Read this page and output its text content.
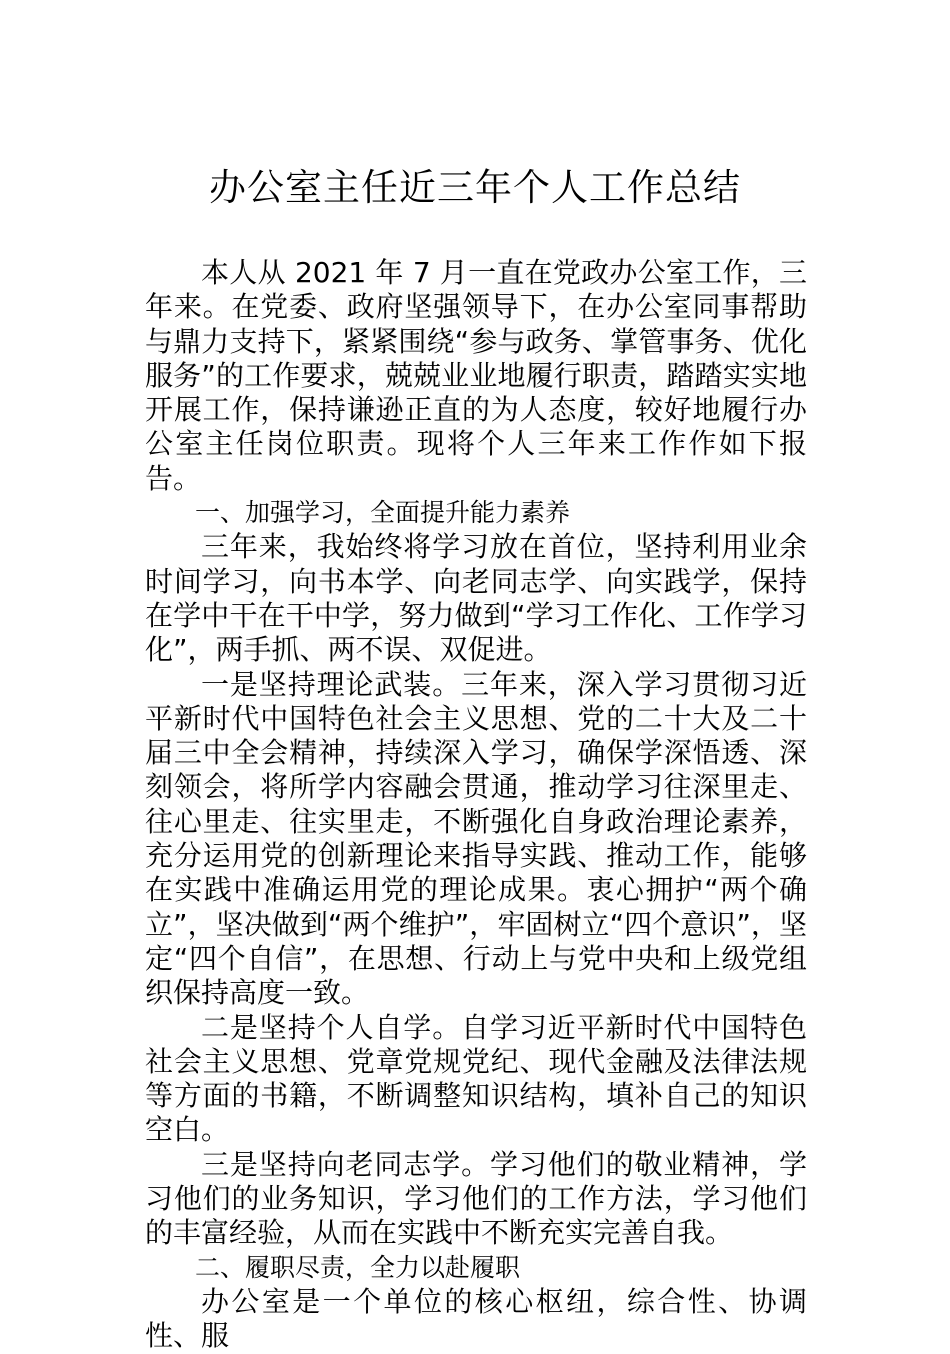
办公室主任近三年个人工作总结

本人从 2021 年 7 月一直在党政办公室工作，三年来。在党委、政府坚强领导下，在办公室同事帮助与鼎力支持下，紧紧围绕“参与政务、掌管事务、优化服务”的工作要求，兢兢业业地履行职责，踏踏实实地开展工作，保持谦逊正直的为人态度，较好地履行办公室主任岗位职责。现将个人三年来工作作如下报告。

一、加强学习，全面提升能力素养

三年来，我始终将学习放在首位，坚持利用业余时间学习，向书本学、向老同志学、向实践学，保持在学中干在干中学，努力做到“学习工作化、工作学习化”，两手抓、两不误、双促进。

一是坚持理论武装。三年来，深入学习贯彻习近平新时代中国特色社会主义思想、党的二十大及二十届三中全会精神，持续深入学习，确保学深悟透、深刻领会，将所学内容融会贯通，推动学习往深里走、往心里走、往实里走，不断强化自身政治理论素养，充分运用党的创新理论来指导实践、推动工作，能够在实践中准确运用党的理论成果。衷心拥护“两个确立”，坚决做到“两个维护”，牢固树立“四个意识”，坚定“四个自信”，在思想、行动上与党中央和上级党组织保持高度一致。

二是坚持个人自学。自学习近平新时代中国特色社会主义思想、党章党规党纪、现代金融及法律法规等方面的书籍，不断调整知识结构，填补自己的知识空白。

三是坚持向老同志学。学习他们的敬业精神，学习他们的业务知识，学习他们的工作方法，学习他们的丰富经验，从而在实践中不断充实完善自我。

二、履职尽责，全力以赴履职

办公室是一个单位的核心枢纽，综合性、协调性、服
